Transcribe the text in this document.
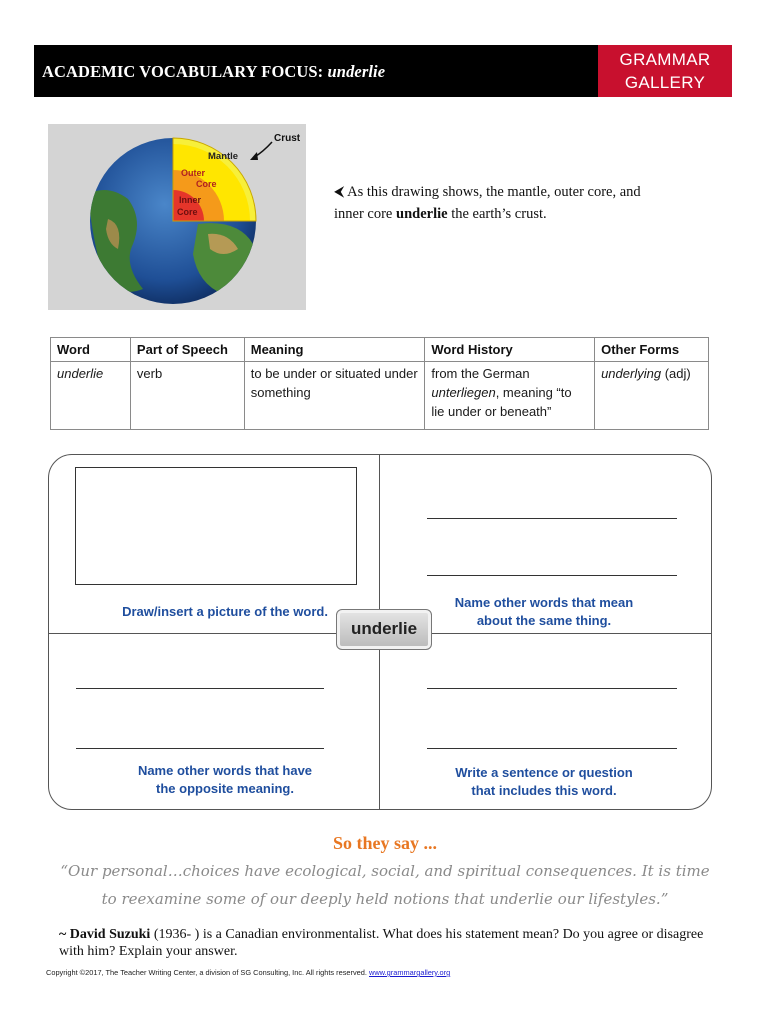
ACADEMIC VOCABULARY FOCUS: underlie
GRAMMAR
GALLERY
Mantle
Outer
Core
Inner
Core
Crust
⮜ As this drawing shows, the mantle, outer core, and inner core underlie the earth’s crust.
Word	Part of Speech	Meaning	Word History	Other Forms
underlie	verb	to be under or situated under something	from the German unterliegen, meaning “to lie under or beneath”	underlying (adj)
Draw/insert a picture of the word.
Name other words that mean
about the same thing.
Name other words that have
the opposite meaning.
Write a sentence or question
that includes this word.
underlie
So they say ...
“Our personal…choices have ecological, social, and spiritual consequences. It is time
to reexamine some of our deeply held notions that underlie our lifestyles.”
~ David Suzuki (1936- ) is a Canadian environmentalist. What does his statement mean? Do you agree or disagree with him? Explain your answer.
Copyright ©2017, The Teacher Writing Center, a division of SG Consulting, Inc. All rights reserved. www.grammargallery.org
